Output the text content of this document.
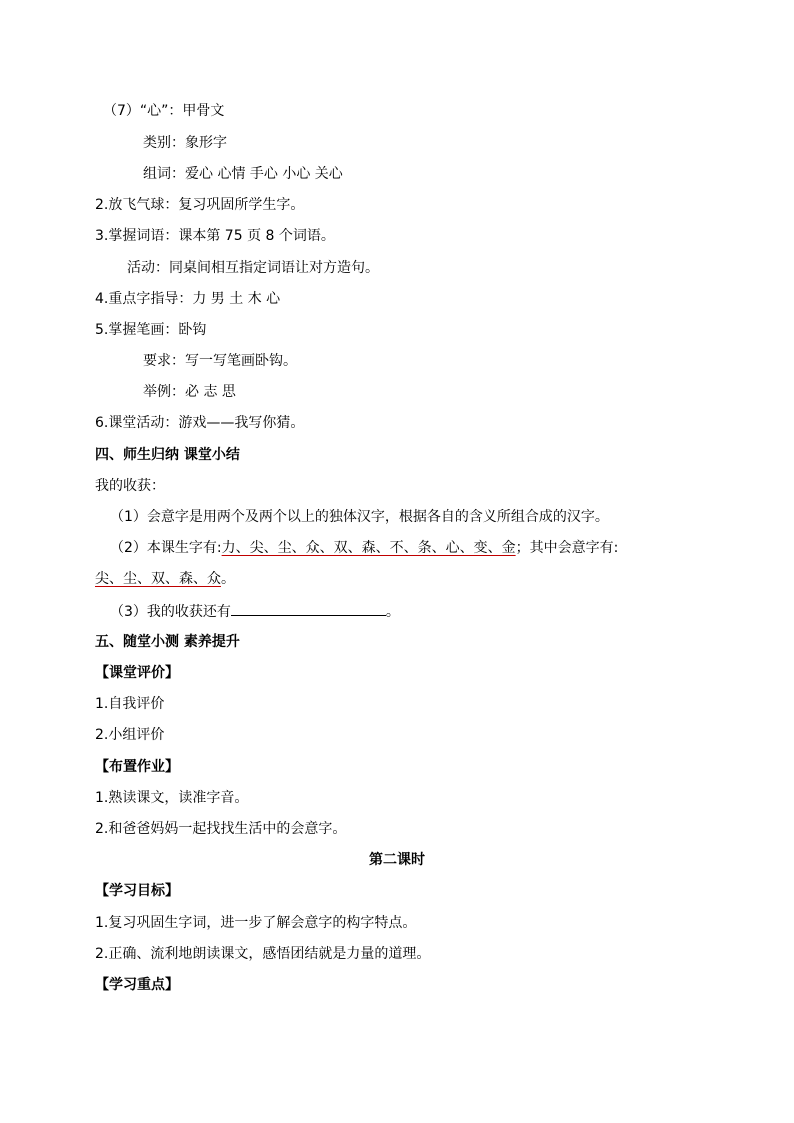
（7）“心”：甲骨文
类别：象形字
组词：爱心 心情 手心 小心 关心
2.放飞气球：复习巩固所学生字。
3.掌握词语：课本第 75 页 8 个词语。
活动：同桌间相互指定词语让对方造句。
4.重点字指导：力 男 土 木 心
5.掌握笔画：卧钩
要求：写一写笔画卧钩。
举例：必 志 思
6.课堂活动：游戏——我写你猜。
四、师生归纳 课堂小结
我的收获：
（1）会意字是用两个及两个以上的独体汉字，根据各自的含义所组合成的汉字。
（2）本课生字有:力、尖、尘、众、双、森、不、条、心、变、金；其中会意字有:
尖、尘、双、森、众。
（3）我的收获还有	。
五、随堂小测 素养提升
【课堂评价】
1.自我评价
2.小组评价
【布置作业】
1.熟读课文，读准字音。
2.和爸爸妈妈一起找找生活中的会意字。
第二课时
【学习目标】
1.复习巩固生字词，进一步了解会意字的构字特点。
2.正确、流利地朗读课文，感悟团结就是力量的道理。
【学习重点】
